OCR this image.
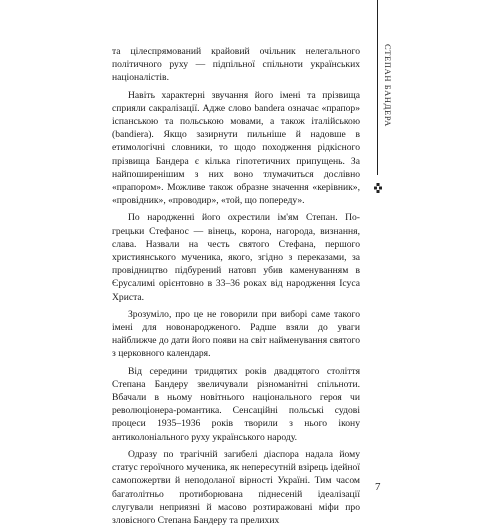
та цілеспрямований крайовий очільник нелегального політичного руху — підпільної спільноти українських націоналістів.

Навіть характерні звучання його імені та прізвища сприяли сакралізації. Адже слово bandera означає «прапор» іспанською та польською мовами, а також італійською (bandiera). Якщо зазирнути пильніше й надовше в етимологічні словники, то щодо походження рідкісного прізвища Бандера є кілька гіпотетичних припущень. За найпоширенішим з них воно тлумачиться дослівно «прапором». Можливе також образне значення «керівник», «провідник», «проводир», «той, що попереду».

По народженні його охрестили ім'ям Степан. По-грецьки Стефанос — вінець, корона, нагорода, визнання, слава. Назвали на честь святого Стефана, першого християнського мученика, якого, згідно з переказами, за провідництво підбурений натовп убив каменуванням в Єрусалимі орієнтовно в 33–36 роках від народження Ісуса Христа.

Зрозуміло, про це не говорили при виборі саме такого імені для новонародженого. Радше взяли до уваги найближче до дати його появи на світ найменування святого з церковного календаря.

Від середини тридцятих років двадцятого століття Степана Бандеру звеличували різноманітні спільноти. Вбачали в ньому новітнього національного героя чи революціонера-романтика. Сенсаційні польські судові процеси 1935–1936 років творили з нього ікону антиколоніального руху українського народу.

Одразу по трагічній загибелі діаспора надала йому статус героїчного мученика, як непересутній взірець ідейної самопожертви й неподоланої вірності Україні. Тим часом багатолітньо протиборювана піднесеній ідеалізації слугували неприязні й масово розтиражовані міфи про зловісного Степана Бандеру та прелихих

СТЕПАН БАНДЕРА
7
